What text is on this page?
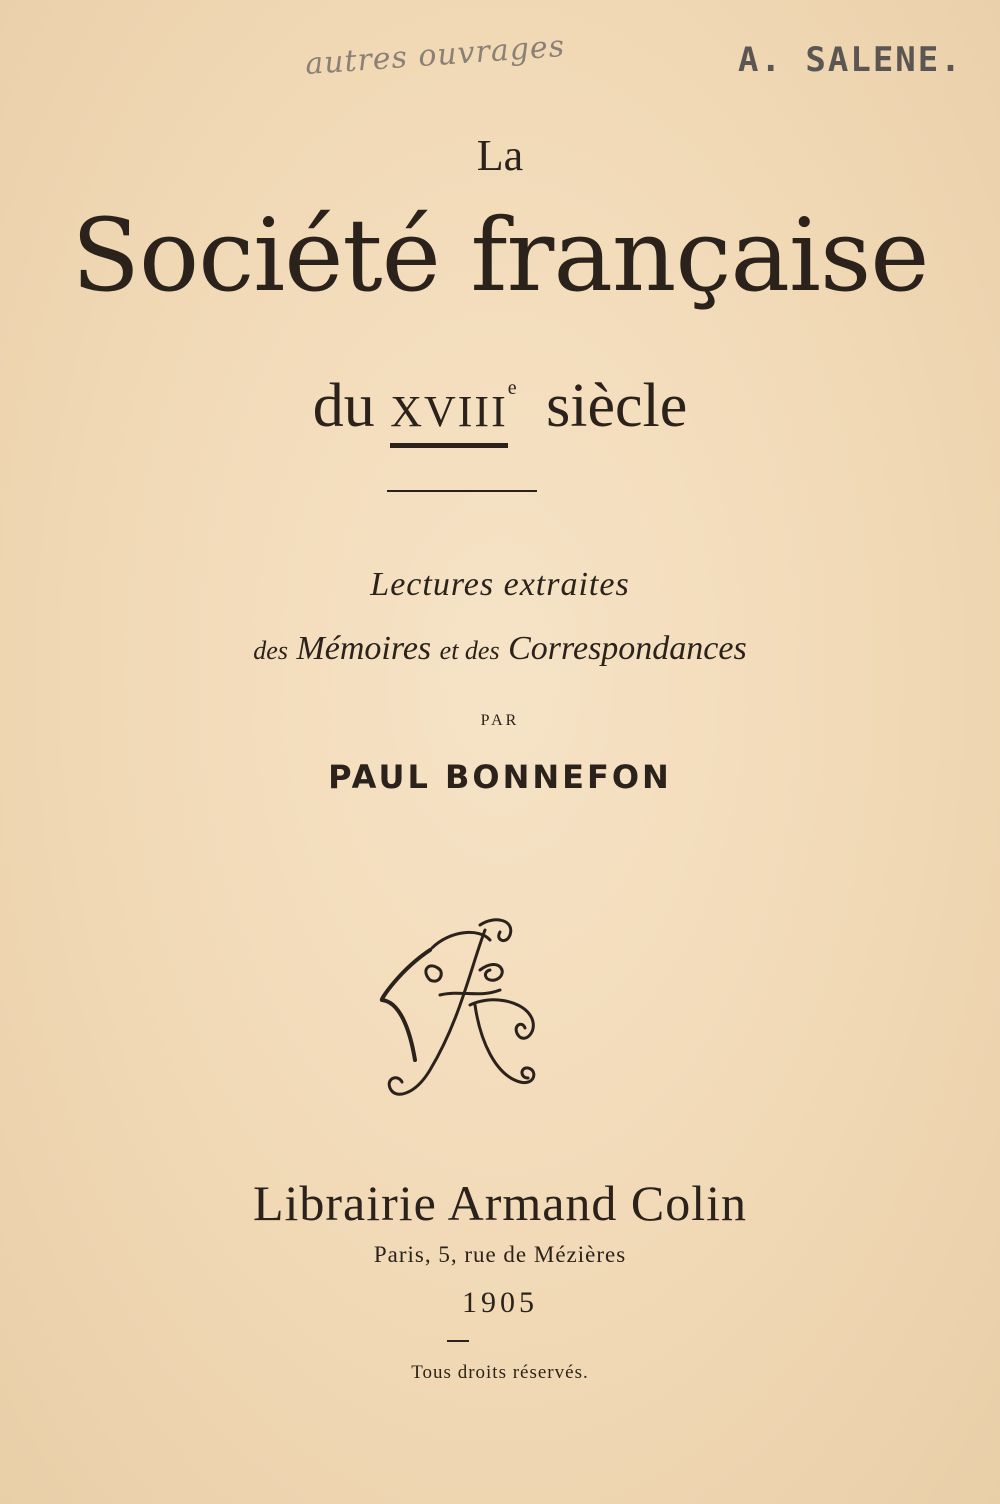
autres ouvrages	A. SALENE.
La
Société française
du XVIII
$^e$ siècle
Lectures extraites
des Mémoires et des Correspondances
PAR
PAUL BONNEFON
Librairie Armand Colin
Paris, 5, rue de Mézières
1905
Tous droits réservés.
